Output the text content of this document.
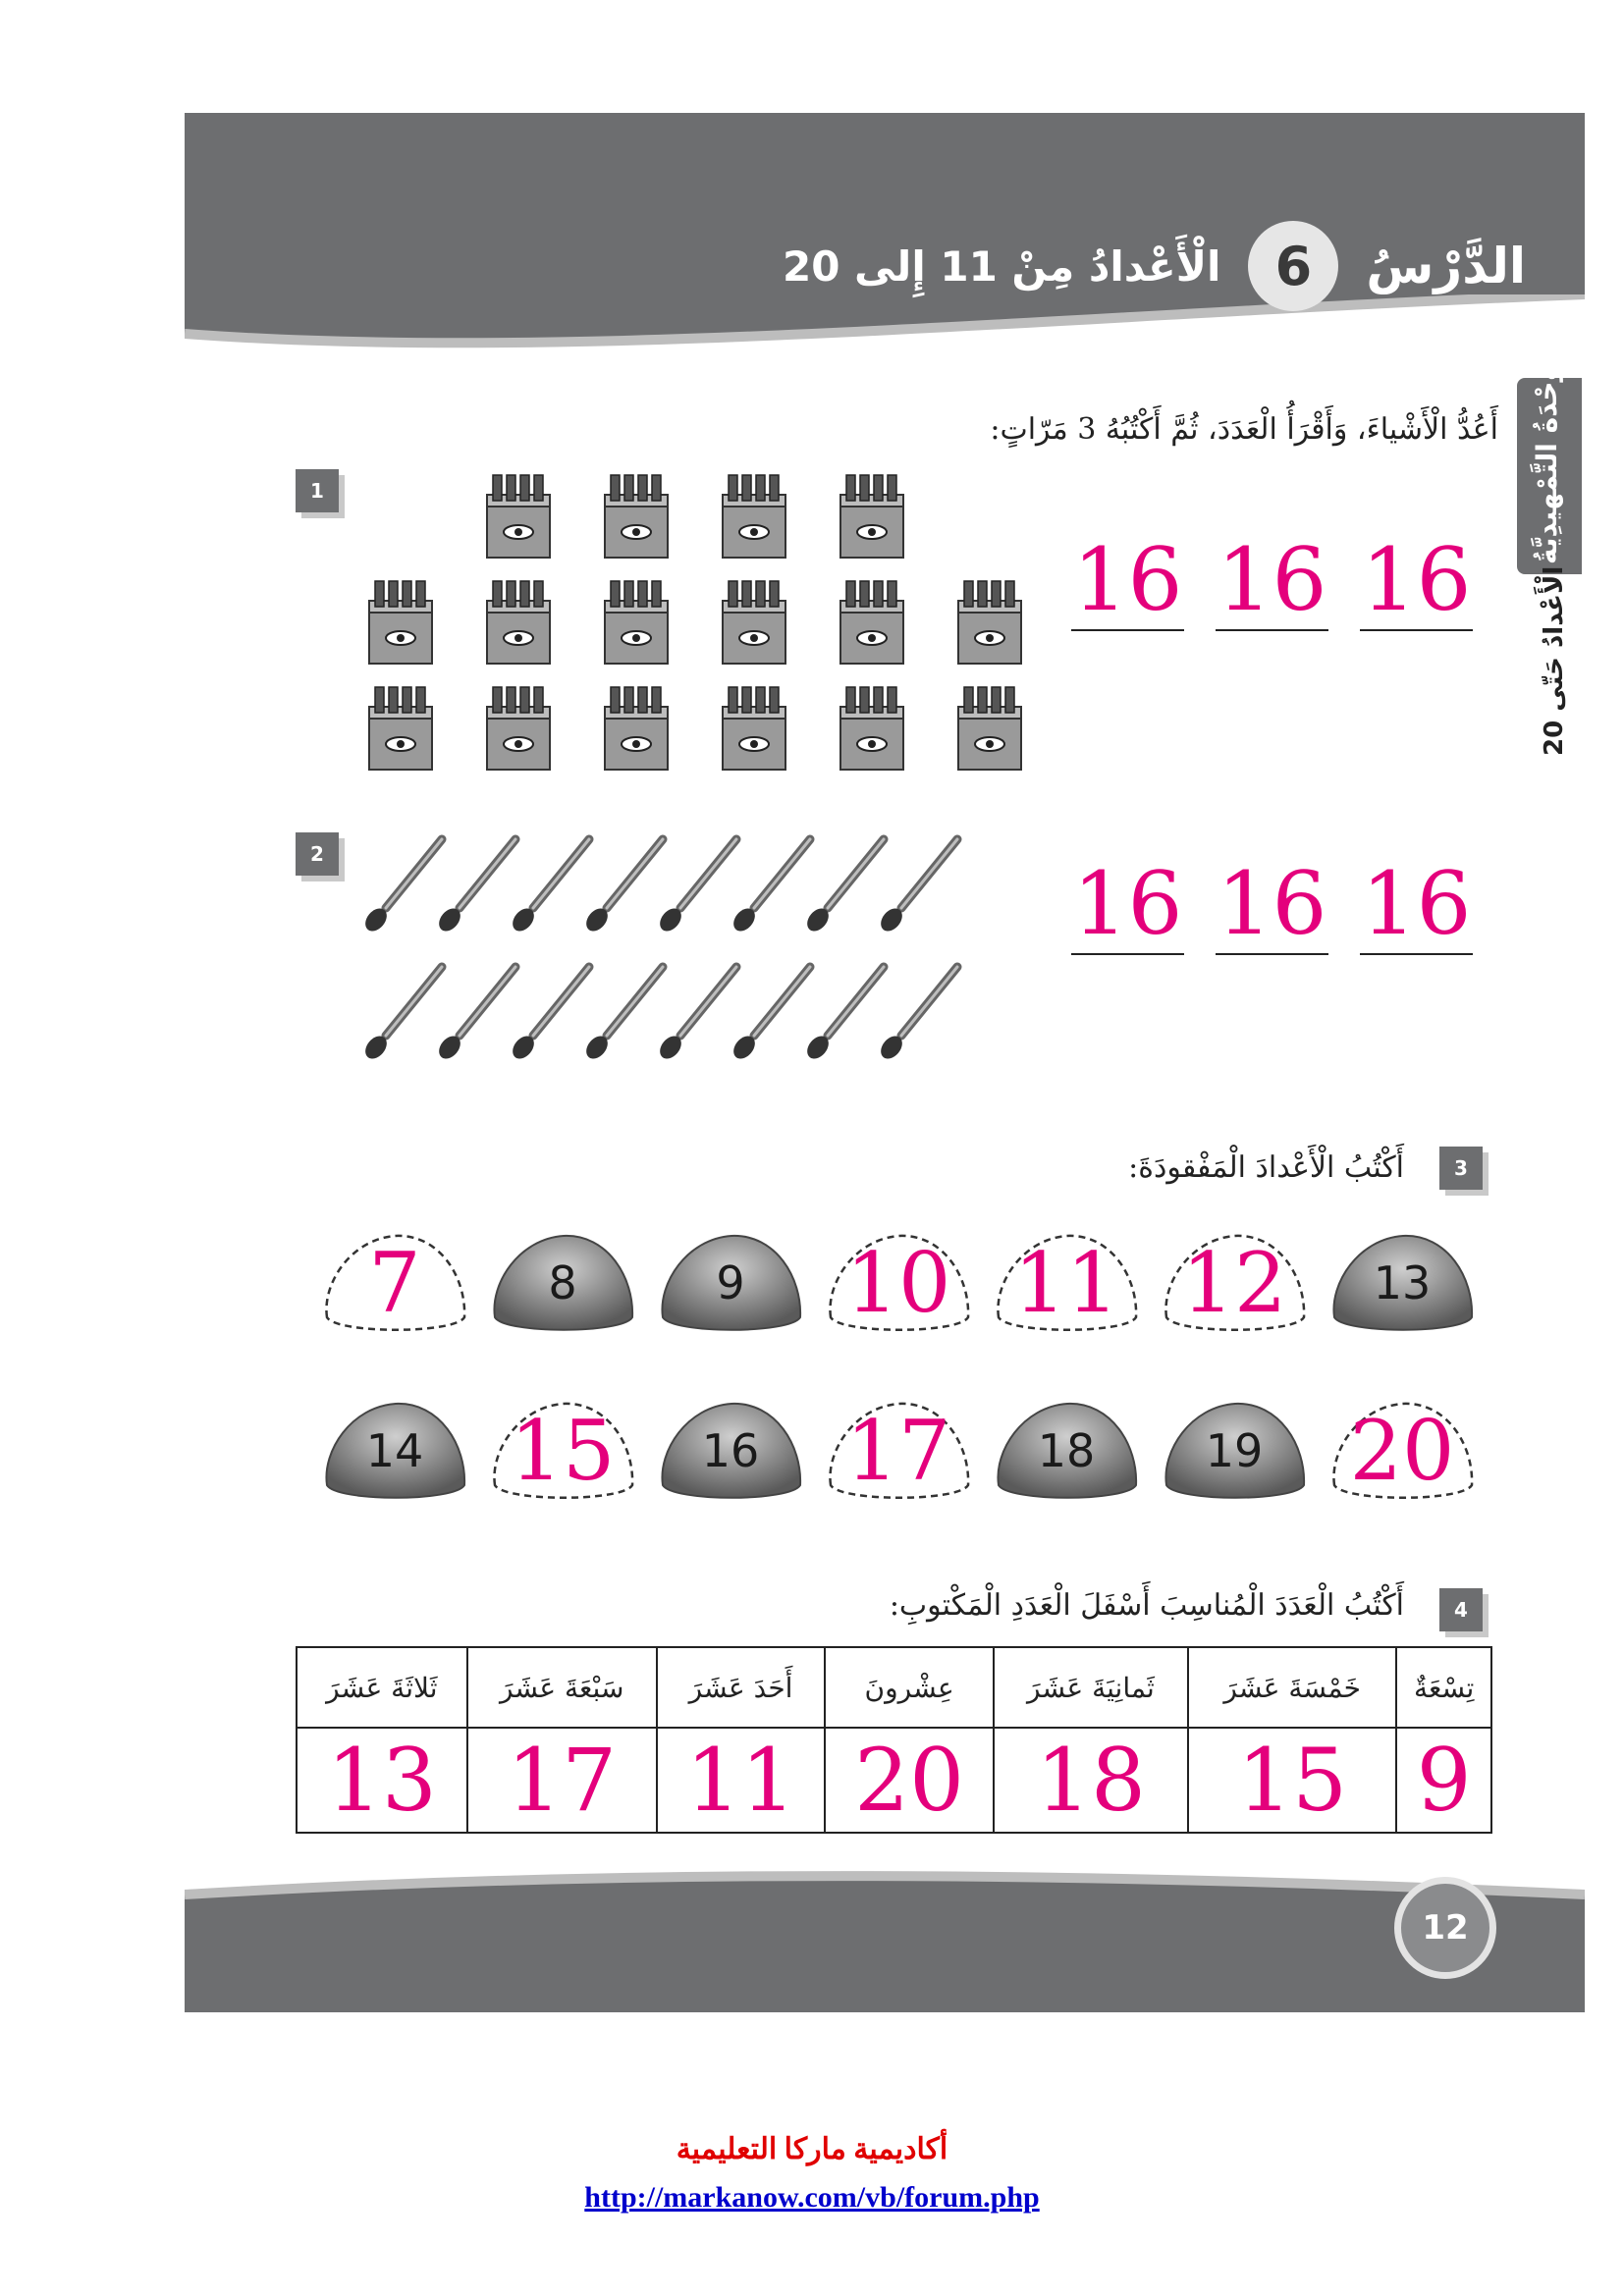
الدَّرْسُ
6
الْأَعْدادُ مِنْ 11 إِلى 20
الْوَحْدَةُ التَّمْهيدِيَّةُ
الْأَعْدادُ حَتّى 20
أَعُدُّ الْأَشْياءَ، وَأَقْرَأُ الْعَدَدَ، ثُمَّ أَكْتُبُهُ 3 مَرّاتٍ:
1
16 16 16
2	16 16 16
3
أَكْتُبُ الْأَعْدادَ الْمَفْقودَةَ:
7	8	9	10 11 12	13
14	15	16	17	18	19	20
4
أَكْتُبُ الْعَدَدَ الْمُناسِبَ أَسْفَلَ الْعَدَدِ الْمَكْتوبِ:
ثَلاثَةَ عَشَرَ	سَبْعَةَ عَشَرَ	أَحَدَ عَشَرَ	عِشْرونَ	ثَمانِيَةَ عَشَرَ	خَمْسَةَ عَشَرَ	تِسْعَةٌ
13	17	11	20	18	15	9
12
أكاديمية ماركا التعليمية
http://markanow.com/vb/forum.php
